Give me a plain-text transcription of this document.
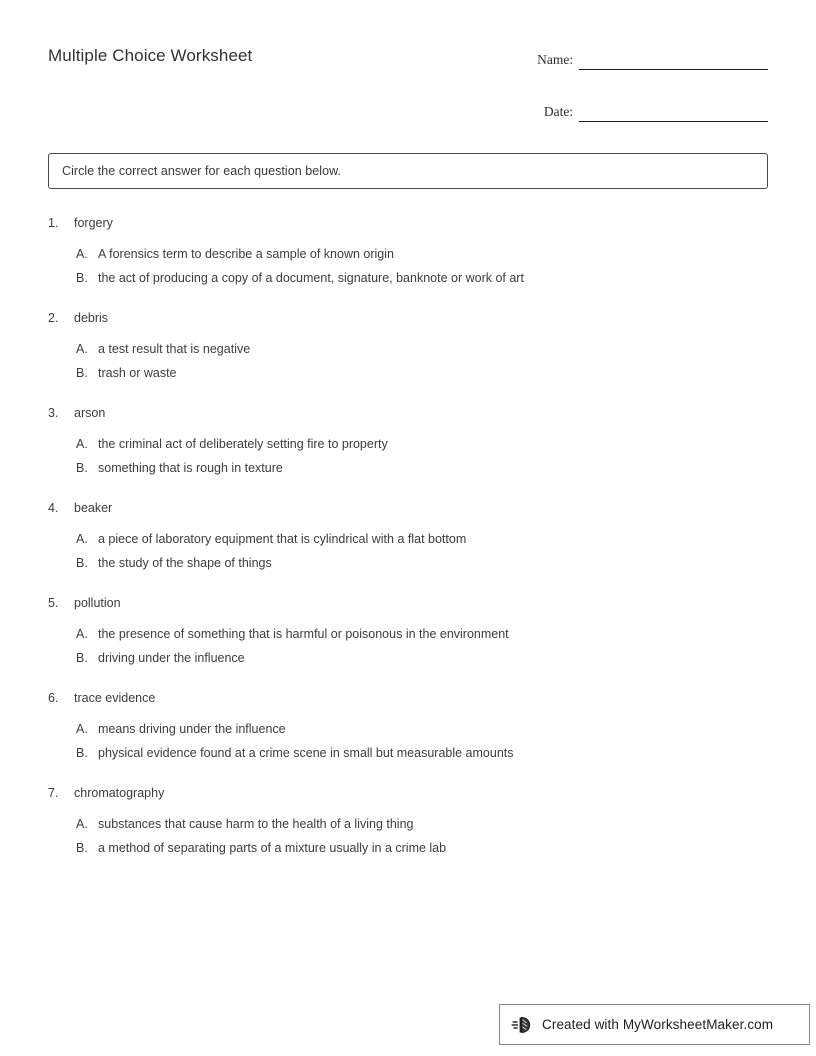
Multiple Choice Worksheet	Name:
Date:
Circle the correct answer for each question below.
1.	forgery
A. A forensics term to describe a sample of known origin
B. the act of producing a copy of a document, signature, banknote or work of art
2.	debris
A. a test result that is negative
B. trash or waste
3.	arson
A. the criminal act of deliberately setting fire to property
B. something that is rough in texture
4.	beaker
A. a piece of laboratory equipment that is cylindrical with a flat bottom
B. the study of the shape of things
5.	pollution
A. the presence of something that is harmful or poisonous in the environment
B. driving under the influence
6.	trace evidence
A. means driving under the influence
B. physical evidence found at a crime scene in small but measurable amounts
7.	chromatography
A. substances that cause harm to the health of a living thing
B. a method of separating parts of a mixture usually in a crime lab
Created with MyWorksheetMaker.com
